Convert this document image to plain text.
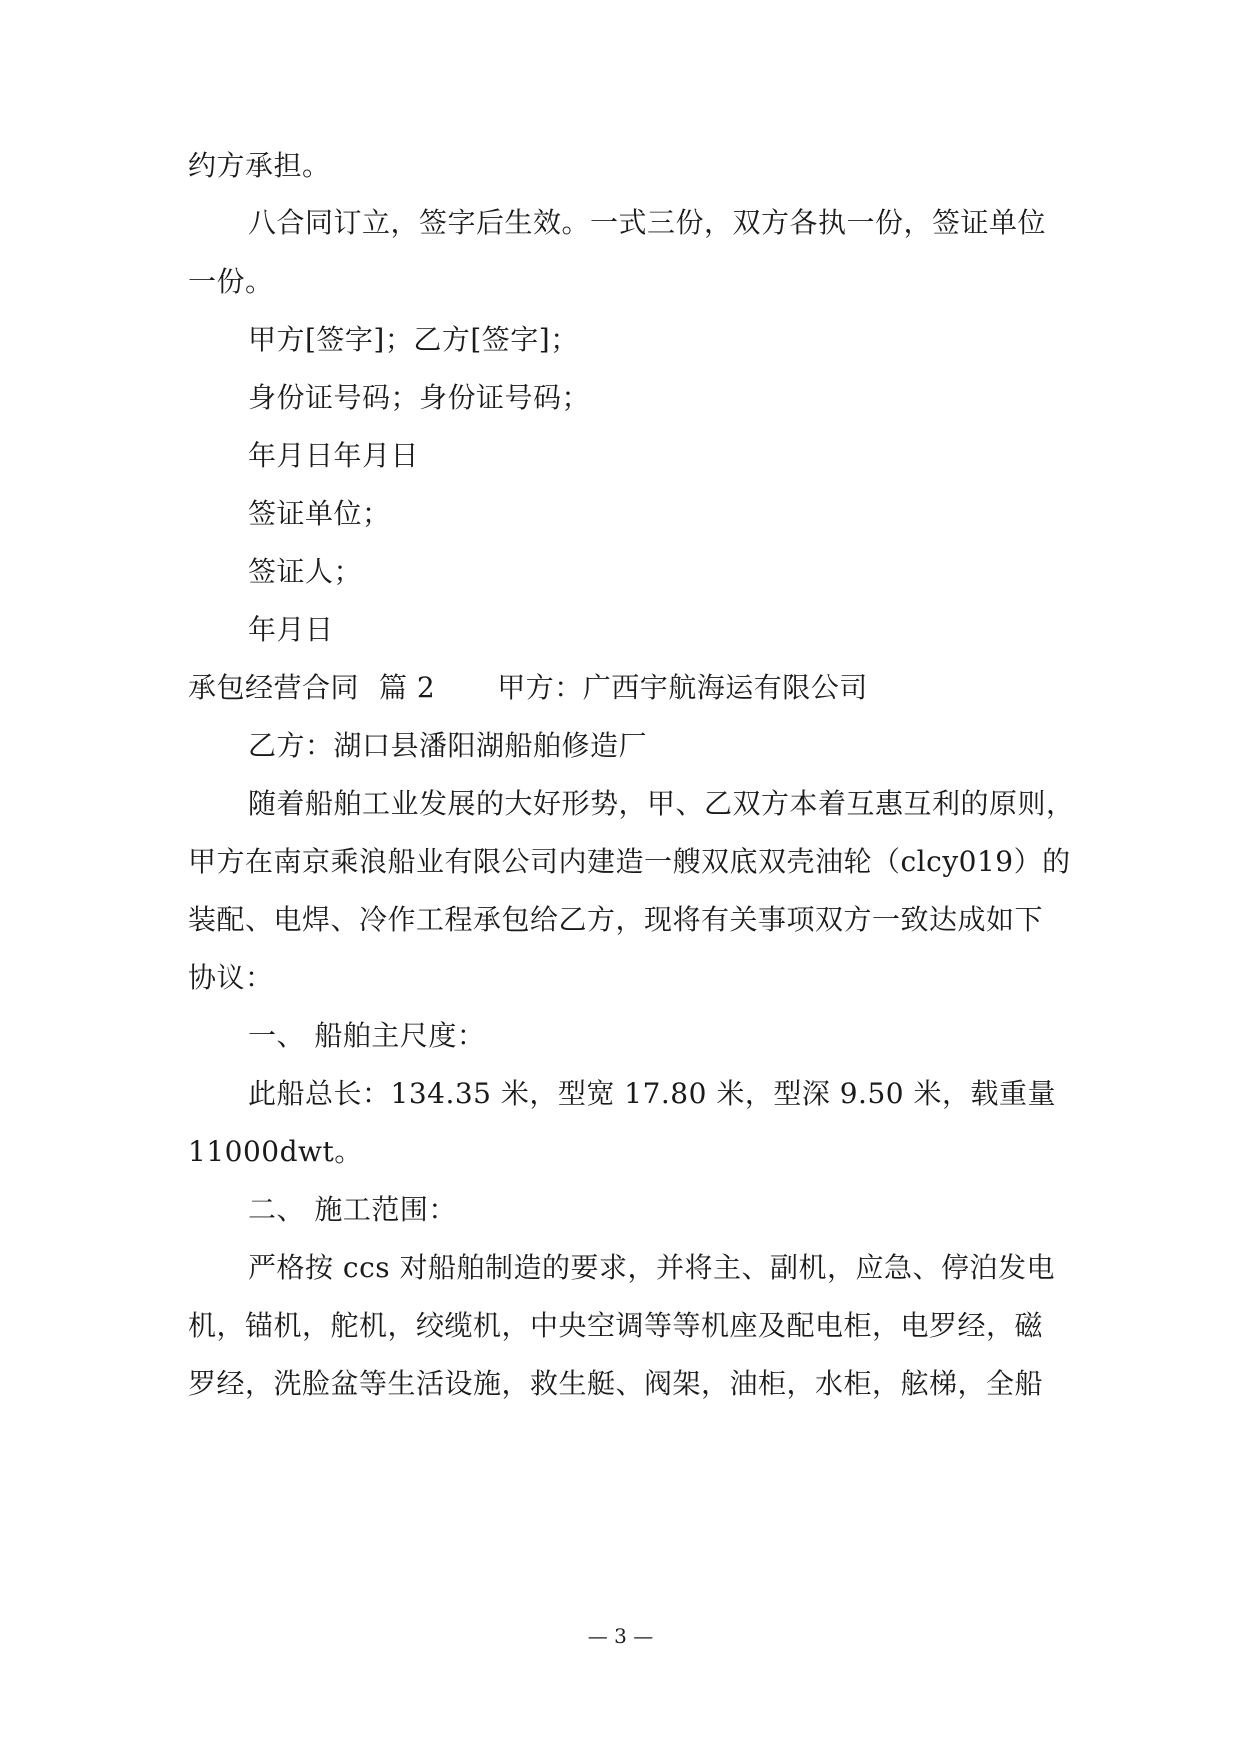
约方承担。
八合同订立，签字后生效。一式三份，双方各执一份，签证单位
一份。
甲方[签字]；乙方[签字]；
身份证号码；身份证号码；
年月日年月日
签证单位；
签证人；
年月日
承包经营合同 篇 2 甲方：广西宇航海运有限公司
乙方：湖口县潘阳湖船舶修造厂
随着船舶工业发展的大好形势，甲、乙双方本着互惠互利的原则，
甲方在南京乘浪船业有限公司内建造一艘双底双壳油轮（clcy019）的
装配、电焊、冷作工程承包给乙方，现将有关事项双方一致达成如下
协议：
一、 船舶主尺度：
此船总长：134.35 米，型宽 17.80 米，型深 9.50 米，载重量
11000dwt。
二、 施工范围：
严格按 ccs 对船舶制造的要求，并将主、副机，应急、停泊发电
机，锚机，舵机，绞缆机，中央空调等等机座及配电柜，电罗经，磁
罗经，洗脸盆等生活设施，救生艇、阀架，油柜，水柜，舷梯，全船
— 3 —
